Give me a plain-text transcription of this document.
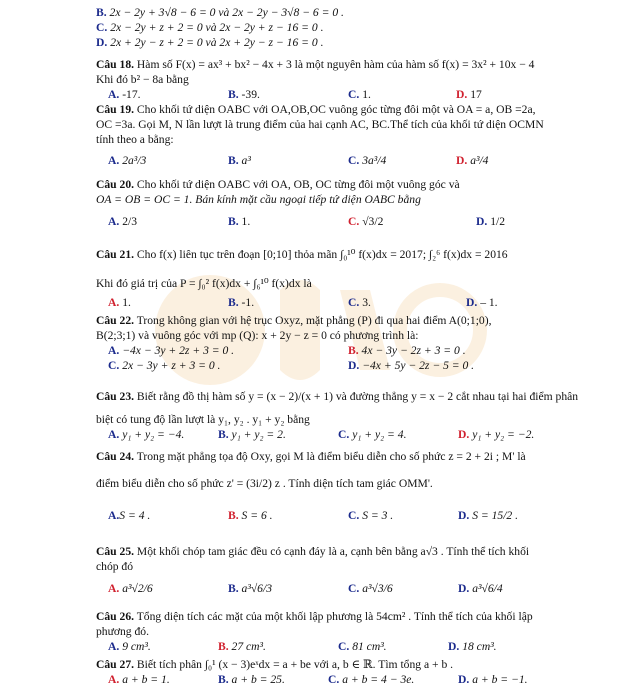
B. 2x − 2y + 3√8 − 6 = 0 và 2x − 2y − 3√8 − 6 = 0 .
C. 2x − 2y + z + 2 = 0 và 2x − 2y + z − 16 = 0 .
D. 2x + 2y − z + 2 = 0 và 2x + 2y − z − 16 = 0 .
Câu 18. Hàm số F(x) = ax³ + bx² − 4x + 3 là một nguyên hàm của hàm số f(x) = 3x² + 10x − 4
Khi đó b² − 8a bằng
A. -17.	B. -39.	C. 1.	D. 17
Câu 19. Cho khối tứ diện OABC với OA,OB,OC vuông góc từng đôi một và OA = a, OB =2a,
OC =3a. Gọi M, N lần lượt là trung điểm của hai cạnh AC, BC.Thể tích của khối tứ diện OCMN
tính theo a bằng:
A. 2a³/3	B. a³	C. 3a³/4	D. a³/4
Câu 20. Cho khối tứ diện OABC với OA, OB, OC từng đôi một vuông góc và
OA = OB = OC = 1. Bán kính mặt cầu ngoại tiếp tứ diện OABC bằng
A. 2/3	B. 1.	C. √3/2	D. 1/2
Câu 21. Cho f(x) liên tục trên đoạn [0;10] thỏa mãn ∫₀¹⁰ f(x)dx = 2017; ∫₂⁶ f(x)dx = 2016
Khi đó giá trị của P = ∫₀² f(x)dx + ∫₆¹⁰ f(x)dx là
A. 1.	B. -1.	C. 3.	D. – 1.
Câu 22. Trong không gian với hệ trục Oxyz, mặt phẳng (P) đi qua hai điểm A(0;1;0),
B(2;3;1) và vuông góc với mp (Q): x + 2y − z = 0 có phương trình là:
A. −4x − 3y + 2z + 3 = 0 .	B. 4x − 3y − 2z + 3 = 0 .
C. 2x − 3y + z + 3 = 0 .	D. −4x + 5y − 2z − 5 = 0 .
Câu 23. Biết rằng đồ thị hàm số y = (x − 2)/(x + 1) và đường thẳng y = x − 2 cắt nhau tại hai điểm phân
biệt có tung độ lần lượt là y₁, y₂ . y₁ + y₂ bằng
A. y₁ + y₂ = −4.	B. y₁ + y₂ = 2.	C. y₁ + y₂ = 4.	D. y₁ + y₂ = −2.
Câu 24. Trong mặt phẳng tọa độ Oxy, gọi M là điểm biểu diễn cho số phức z = 2 + 2i ; M' là
điểm biểu diễn cho số phức z' = (3i/2) z . Tính diện tích tam giác OMM'.
A.S = 4 .	B. S = 6 .	C. S = 3 .	D. S = 15/2 .
Câu 25. Một khối chóp tam giác đều có cạnh đáy là a, cạnh bên bằng a√3 . Tính thể tích khối
chóp đó
A. a³√2/6	B. a³√6/3	C. a³√3/6	D. a³√6/4
Câu 26. Tổng diện tích các mặt của một khối lập phương là 54cm² . Tính thể tích của khối lập
phương đó.
A. 9 cm³.	B. 27 cm³.	C. 81 cm³.	D. 18 cm³.
Câu 27. Biết tích phân ∫₀¹ (x − 3)eˣdx = a + be với a, b ∈ ℝ. Tìm tổng a + b .
A. a + b = 1.	B. a + b = 25.	C. a + b = 4 − 3e.	D. a + b = −1.
